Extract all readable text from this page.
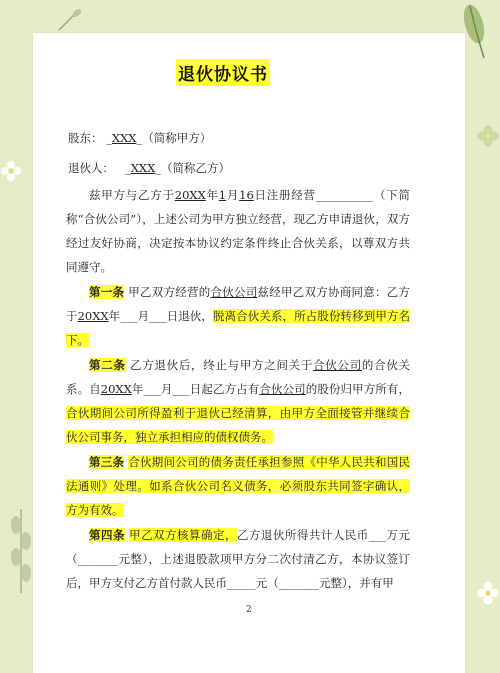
退伙协议书
股东： _XXX_（简称甲方）
退伙人：   _XXX_（简称乙方）
兹甲方与乙方于20XX年1月16日注册经营__________（下简称“合伙公司”），上述公司为甲方独立经营，现乙方申请退伙，双方经过友好协商，决定按本协议约定条件终止合伙关系，以尊双方共同遵守。
第一条 甲乙双方经营的合伙公司兹经甲乙双方协商同意：乙方于20XX年___月___日退伙，脱离合伙关系，所占股份转移到甲方名下。
第二条 乙方退伙后，终止与甲方之间关于合伙公司的合伙关系。自20XX年___月___日起乙方占有合伙公司的股份归甲方所有，合伙期间公司所得盈利于退伙已经清算，由甲方全面接管并继续合伙公司事务，独立承担相应的债权债务。
第三条 合伙期间公司的债务责任承担参照《中华人民共和国民法通则》处理。如系合伙公司名义债务，必须股东共同签字确认，方为有效。
第四条 甲乙双方核算确定，乙方退伙所得共计人民币___万元（_______元整），上述退股款项甲方分二次付清乙方，本协议签订后，甲方支付乙方首付款人民币_____元（_______元整），并有甲
2
